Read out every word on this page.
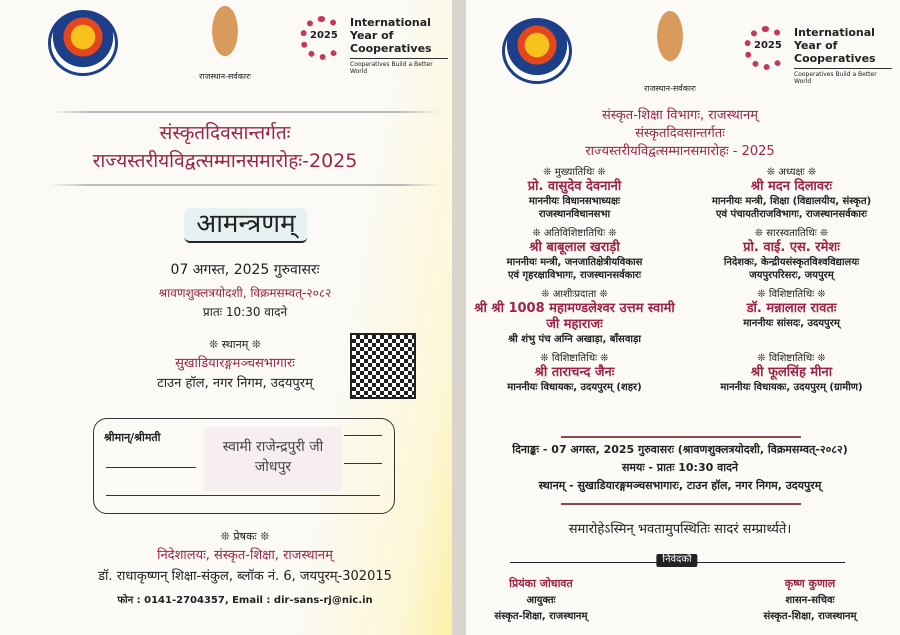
राजस्थान-सर्वकारः
2025
International Year of Cooperatives
Cooperatives Build a Better World
संस्कृतदिवसान्तर्गतः
राज्यस्तरीयविद्वत्सम्मानसमारोहः-2025
आमन्त्रणम्
07 अगस्त, 2025 गुरुवासरः
श्रावणशुक्लत्रयोदशी, विक्रमसम्वत्-२०८२
प्रातः 10:30 वादने
❊ स्थानम् ❊
सुखाडियारङ्गमञ्चसभागारः
टाउन हॉल, नगर निगम, उदयपुरम्
श्रीमान्/श्रीमती
स्वामी राजेन्द्रपुरी जी
जोधपुर
❊ प्रेषकः ❊
निदेशालयः, संस्कृत-शिक्षा, राजस्थानम्
डॉ. राधाकृष्णन् शिक्षा-संकुल, ब्लॉक नं. 6, जयपुरम्-302015
फोन : 0141-2704357, Email : dir-sans-rj@nic.in
राजस्थान-सर्वकारः
2025
International Year of Cooperatives
Cooperatives Build a Better World
संस्कृत-शिक्षा विभागः, राजस्थानम्
संस्कृतदिवसान्तर्गतः
राज्यस्तरीयविद्वत्सम्मानसमारोहः - 2025
❊ मुख्यातिथिः ❊
प्रो. वासुदेव देवनानी
माननीयः विधानसभाध्यक्षः
राजस्थानविधानसभा
❊ अध्यक्षः ❊
श्री मदन दिलावरः
माननीयः मन्त्री, शिक्षा (विद्यालयीय, संस्कृत)
एवं पंचायतीराजविभागः, राजस्थानसर्वकारः
❊ अतिविशिष्टातिथिः ❊
श्री बाबूलाल खराड़ी
माननीयः मन्त्री, जनजातिक्षेत्रीयविकास
एवं गृहरक्षाविभागः, राजस्थानसर्वकारः
❊ सारस्वतातिथिः ❊
प्रो. वाई. एस. रमेशः
निदेशकः, केन्द्रीयसंस्कृतविश्वविद्यालयः
जयपुरपरिसरः, जयपुरम्
❊ आशीःप्रदाता ❊
श्री श्री 1008 महामण्डलेश्वर उत्तम स्वामी जी महाराजः
श्री शंभु पंच अग्नि अखाड़ा, बाँसवाड़ा
❊ विशिष्टातिथिः ❊
डॉ. मन्नालाल रावतः
माननीयः सांसदः, उदयपुरम्
❊ विशिष्टातिथिः ❊
श्री ताराचन्द जैनः
माननीयः विधायकः, उदयपुरम् (शहर)
❊ विशिष्टातिथिः ❊
श्री फूलसिंह मीना
माननीयः विधायकः, उदयपुरम् (ग्रामीण)
दिनाङ्कः - 07 अगस्त, 2025 गुरुवासरः (श्रावणशुक्लत्रयोदशी, विक्रमसम्वत्-२०८२)
समयः - प्रातः 10:30 वादने
स्थानम् - सुखाडियारङ्गमञ्चसभागारः, टाउन हॉल, नगर निगम, उदयपुरम्
समारोहेऽस्मिन् भवतामुपस्थितिः सादरं सम्प्रार्थ्यते।
निवेदकौ
प्रियंका जोधावत
आयुक्तः
संस्कृत-शिक्षा, राजस्थानम्
कृष्ण कुणाल
शासन-सचिवः
संस्कृत-शिक्षा, राजस्थानम्
